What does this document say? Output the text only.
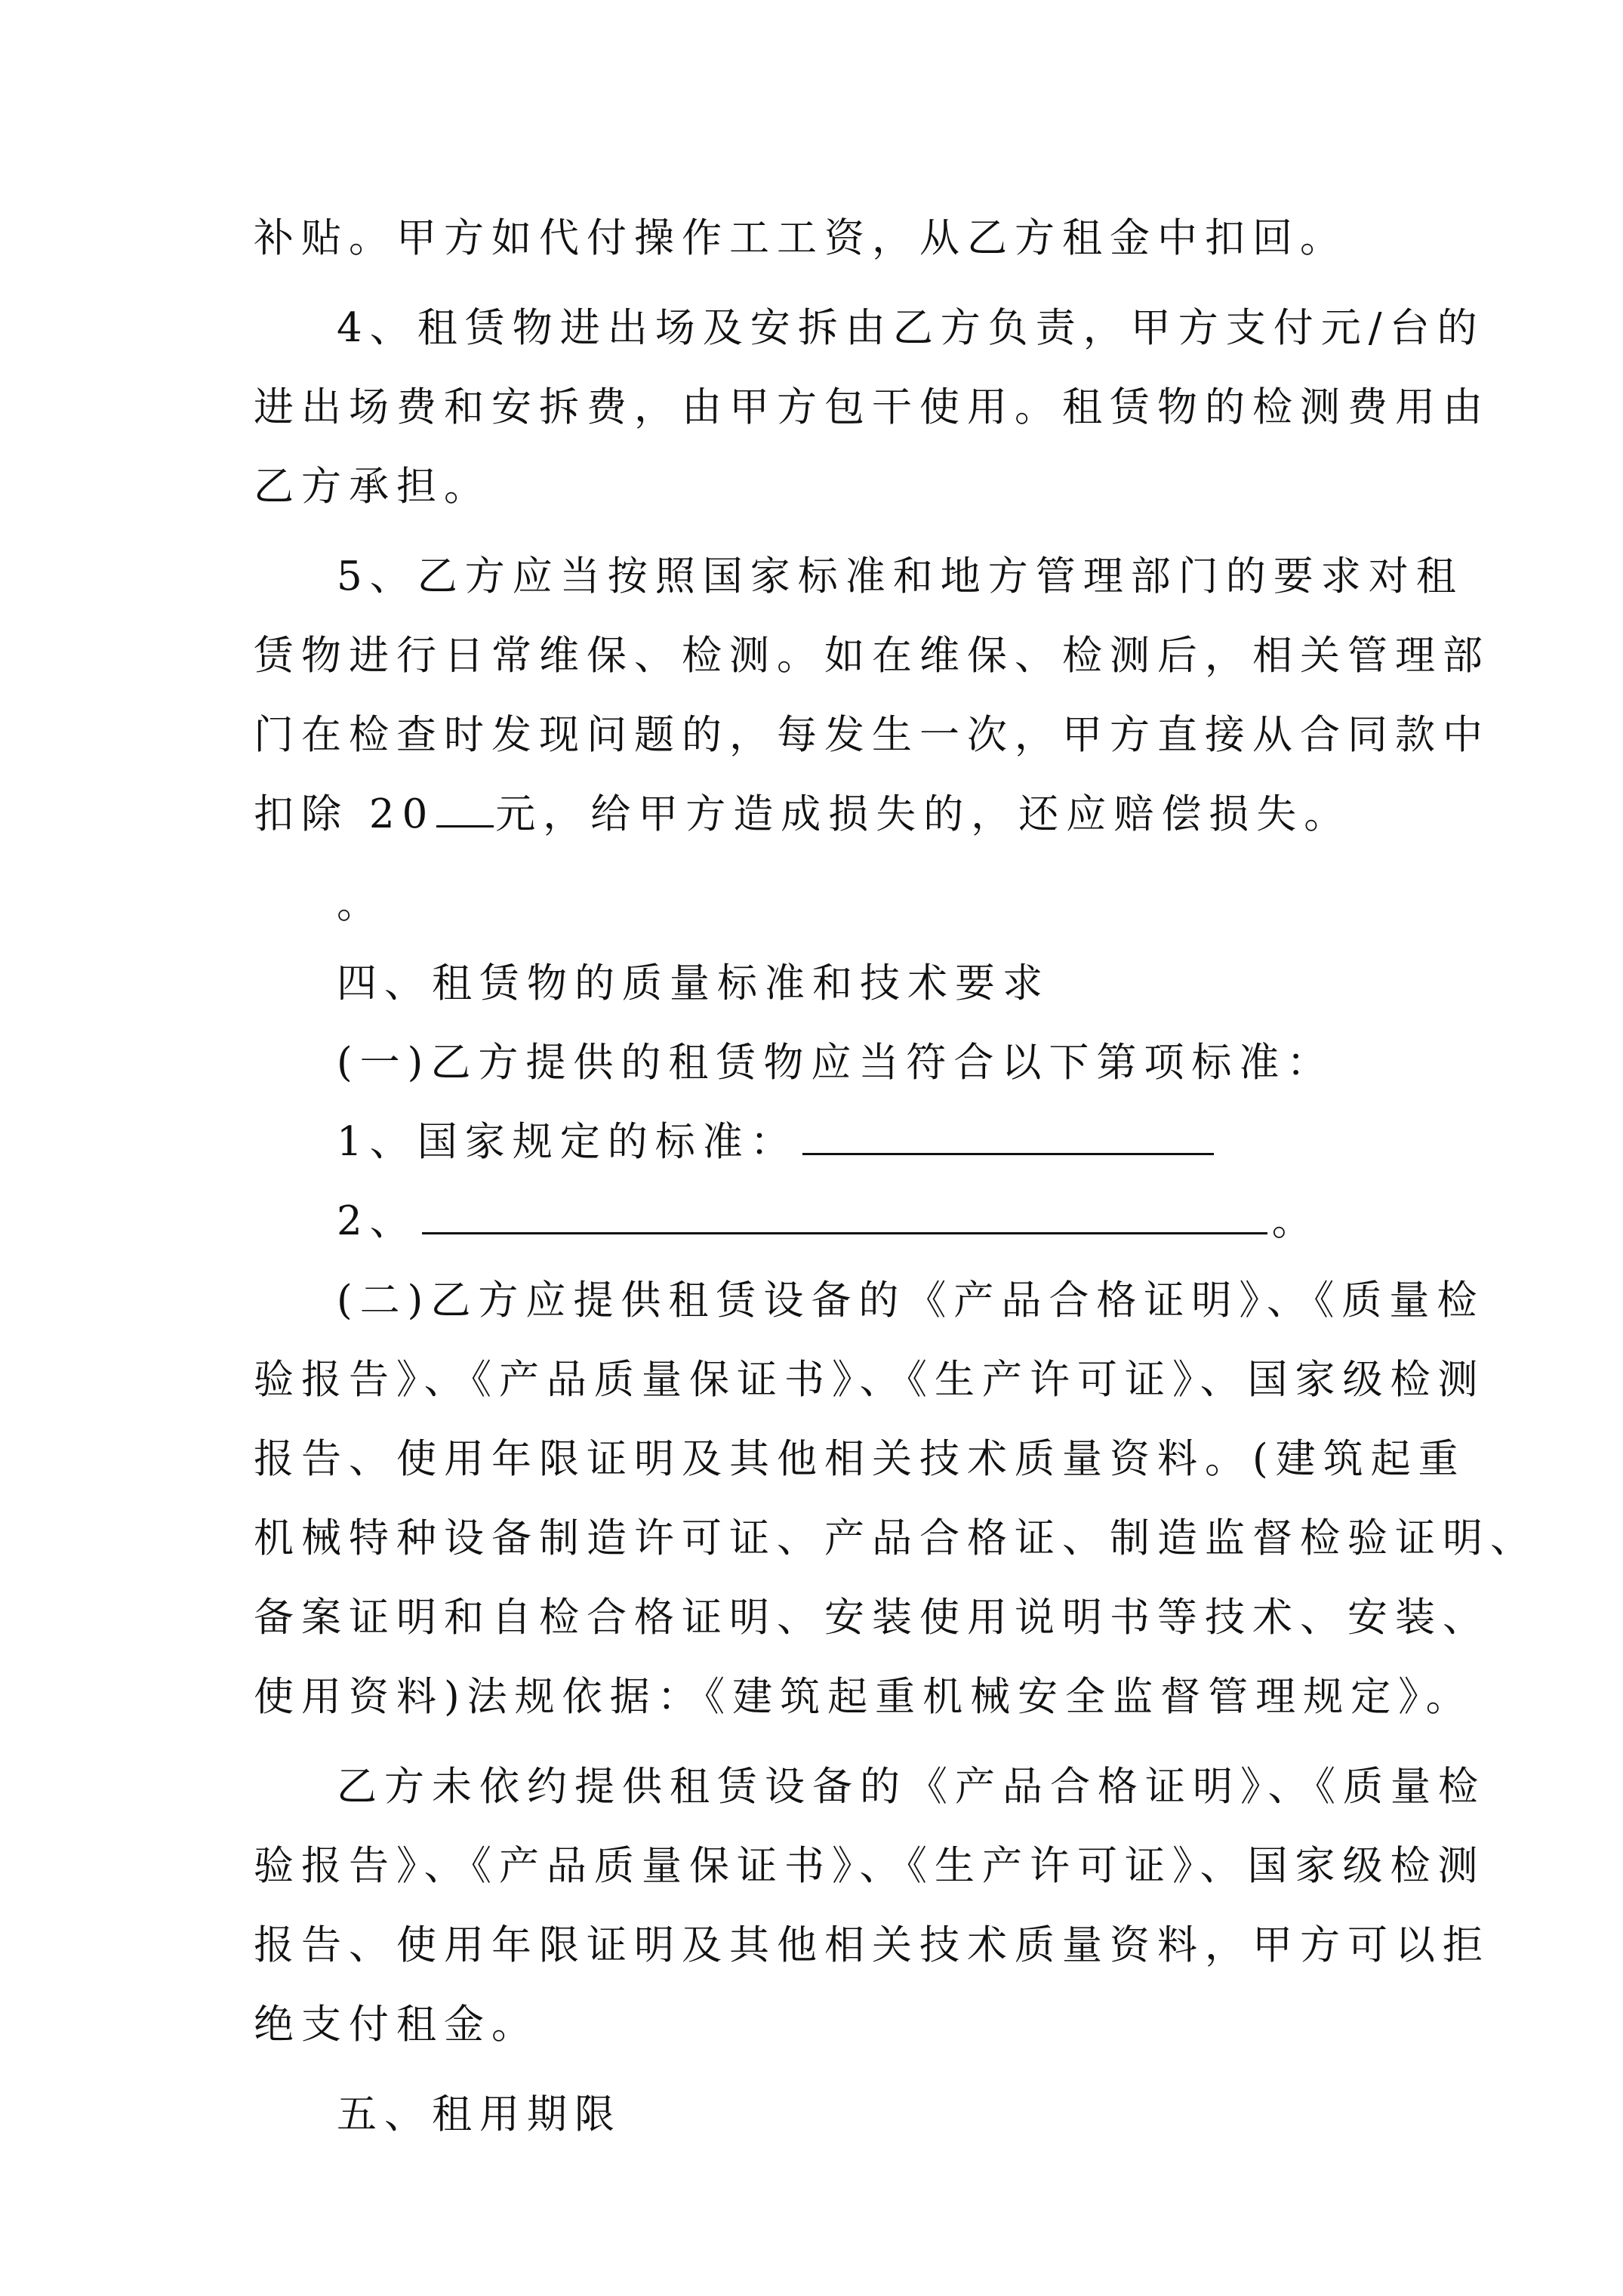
补贴。甲方如代付操作工工资，从乙方租金中扣回。
4、租赁物进出场及安拆由乙方负责，甲方支付元/台的
进出场费和安拆费，由甲方包干使用。租赁物的检测费用由
乙方承担。
5、乙方应当按照国家标准和地方管理部门的要求对租
赁物进行日常维保、检测。如在维保、检测后，相关管理部
门在检查时发现问题的，每发生一次，甲方直接从合同款中
扣除 20 元，给甲方造成损失的，还应赔偿损失。
。
四、租赁物的质量标准和技术要求
(一)乙方提供的租赁物应当符合以下第项标准：
1、国家规定的标准：
2、	。
(二)乙方应提供租赁设备的《产品合格证明》、《质量检
验报告》、《产品质量保证书》、《生产许可证》、国家级检测
报告、使用年限证明及其他相关技术质量资料。(建筑起重
机械特种设备制造许可证、产品合格证、制造监督检验证明、
备案证明和自检合格证明、安装使用说明书等技术、安装、
使用资料)法规依据：《建筑起重机械安全监督管理规定》。
乙方未依约提供租赁设备的《产品合格证明》、《质量检
验报告》、《产品质量保证书》、《生产许可证》、国家级检测
报告、使用年限证明及其他相关技术质量资料，甲方可以拒
绝支付租金。
五、租用期限
